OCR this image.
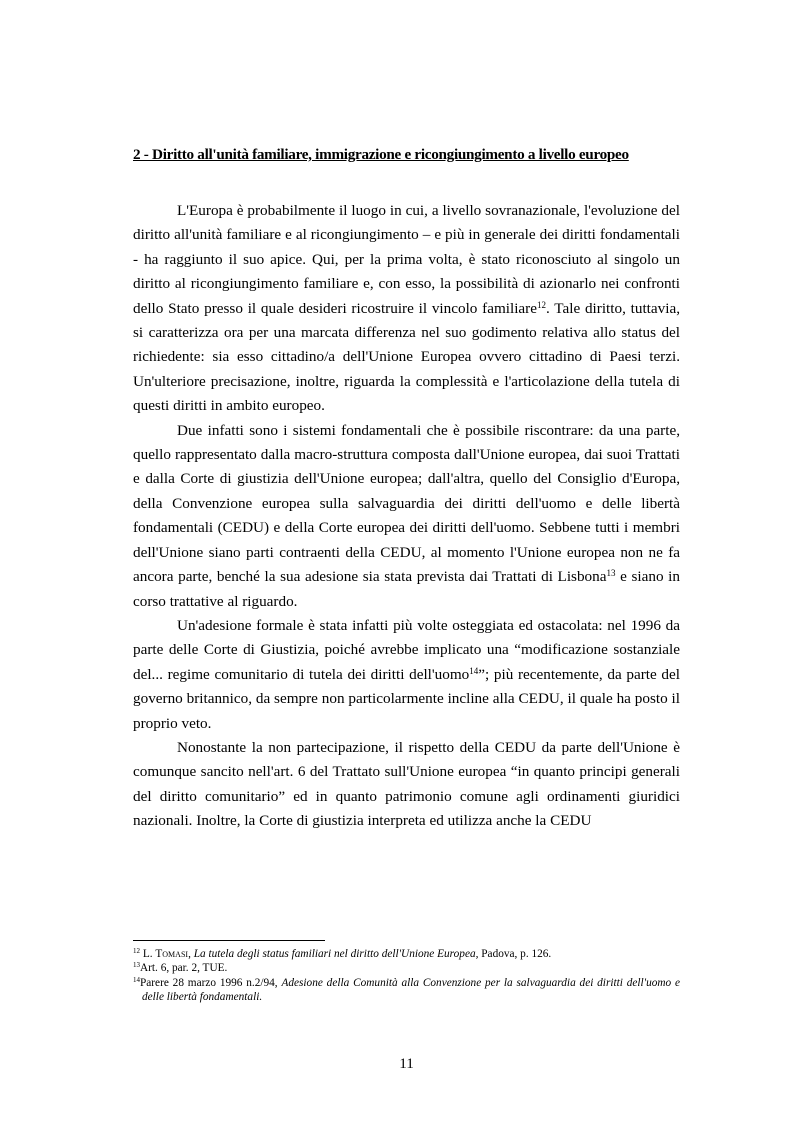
2 - Diritto all'unità familiare, immigrazione e ricongiungimento a livello europeo

L'Europa è probabilmente il luogo in cui, a livello sovranazionale, l'evoluzione del diritto all'unità familiare e al ricongiungimento – e più in generale dei diritti fondamentali - ha raggiunto il suo apice. Qui, per la prima volta, è stato riconosciuto al singolo un diritto al ricongiungimento familiare e, con esso, la possibilità di azionarlo nei confronti dello Stato presso il quale desideri ricostruire il vincolo familiare$^{12}$. Tale diritto, tuttavia, si caratterizza ora per una marcata differenza nel suo godimento relativa allo status del richiedente: sia esso cittadino/a dell'Unione Europea ovvero cittadino di Paesi terzi. Un'ulteriore precisazione, inoltre, riguarda la complessità e l'articolazione della tutela di questi diritti in ambito europeo.

Due infatti sono i sistemi fondamentali che è possibile riscontrare: da una parte, quello rappresentato dalla macro-struttura composta dall'Unione europea, dai suoi Trattati e dalla Corte di giustizia dell'Unione europea; dall'altra, quello del Consiglio d'Europa, della Convenzione europea sulla salvaguardia dei diritti dell'uomo e delle libertà fondamentali (CEDU) e della Corte europea dei diritti dell'uomo. Sebbene tutti i membri dell'Unione siano parti contraenti della CEDU, al momento l'Unione europea non ne fa ancora parte, benché la sua adesione sia stata prevista dai Trattati di Lisbona$^{13}$ e siano in corso trattative al riguardo.

Un'adesione formale è stata infatti più volte osteggiata ed ostacolata: nel 1996 da parte delle Corte di Giustizia, poiché avrebbe implicato una “modificazione sostanziale del... regime comunitario di tutela dei diritti dell'uomo$^{14}$”; più recentemente, da parte del governo britannico, da sempre non particolarmente incline alla CEDU, il quale ha posto il proprio veto.

Nonostante la non partecipazione, il rispetto della CEDU da parte dell'Unione è comunque sancito nell'art. 6 del Trattato sull'Unione europea “in quanto principi generali del diritto comunitario” ed in quanto patrimonio comune agli ordinamenti giuridici nazionali. Inoltre, la Corte di giustizia interpreta ed utilizza anche la CEDU

$^{12}$ L. Tomasi, La tutela degli status familiari nel diritto dell'Unione Europea, Padova, p. 126.
$^{13}$Art. 6, par. 2, TUE.
$^{14}$Parere 28 marzo 1996 n.2/94, Adesione della Comunità alla Convenzione per la salvaguardia dei diritti dell'uomo e delle libertà fondamentali.
11
